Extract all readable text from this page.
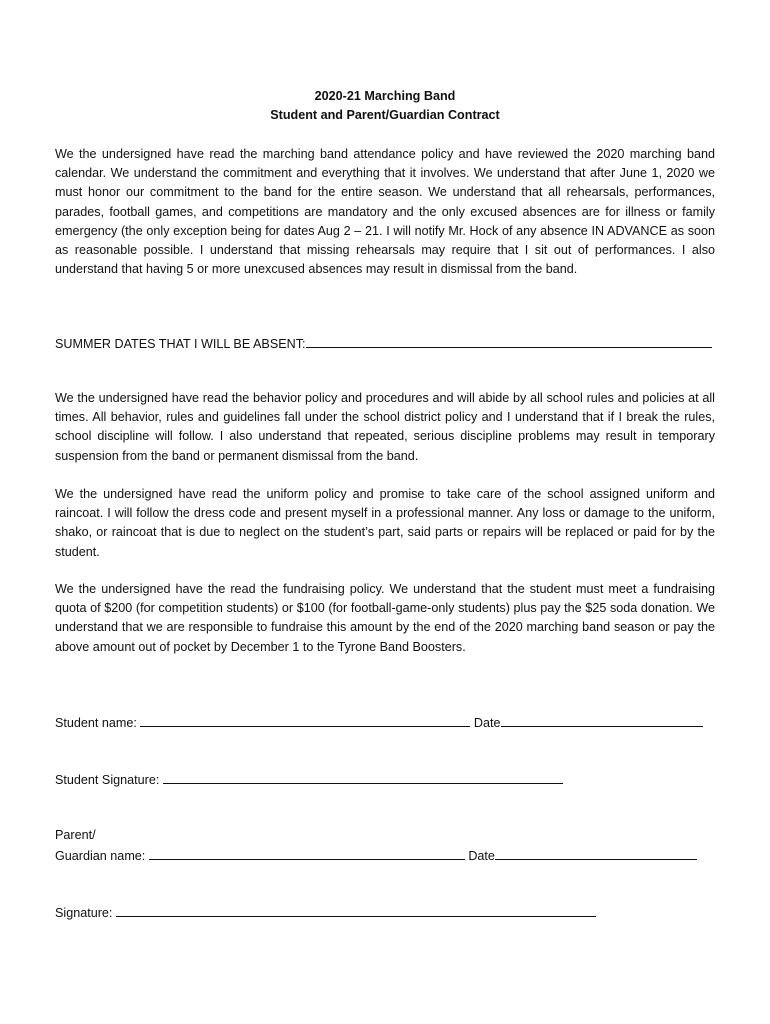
2020-21 Marching Band
Student and Parent/Guardian Contract
We the undersigned have read the marching band attendance policy and have reviewed the 2020 marching band calendar. We understand the commitment and everything that it involves. We understand that after June 1, 2020 we must honor our commitment to the band for the entire season. We understand that all rehearsals, performances, parades, football games, and competitions are mandatory and the only excused absences are for illness or family emergency (the only exception being for dates Aug 2 – 21. I will notify Mr. Hock of any absence IN ADVANCE as soon as reasonable possible. I understand that missing rehearsals may require that I sit out of performances. I also understand that having 5 or more unexcused absences may result in dismissal from the band.
SUMMER DATES THAT I WILL BE ABSENT:
We the undersigned have read the behavior policy and procedures and will abide by all school rules and policies at all times. All behavior, rules and guidelines fall under the school district policy and I understand that if I break the rules, school discipline will follow. I also understand that repeated, serious discipline problems may result in temporary suspension from the band or permanent dismissal from the band.
We the undersigned have read the uniform policy and promise to take care of the school assigned uniform and raincoat. I will follow the dress code and present myself in a professional manner. Any loss or damage to the uniform, shako, or raincoat that is due to neglect on the student’s part, said parts or repairs will be replaced or paid for by the student.
We the undersigned have the read the fundraising policy. We understand that the student must meet a fundraising quota of $200 (for competition students) or $100 (for football-game-only students) plus pay the $25 soda donation. We understand that we are responsible to fundraise this amount by the end of the 2020 marching band season or pay the above amount out of pocket by December 1 to the Tyrone Band Boosters.
Student name:	Date
Student Signature:
Parent/
Guardian name:	Date
Signature:
